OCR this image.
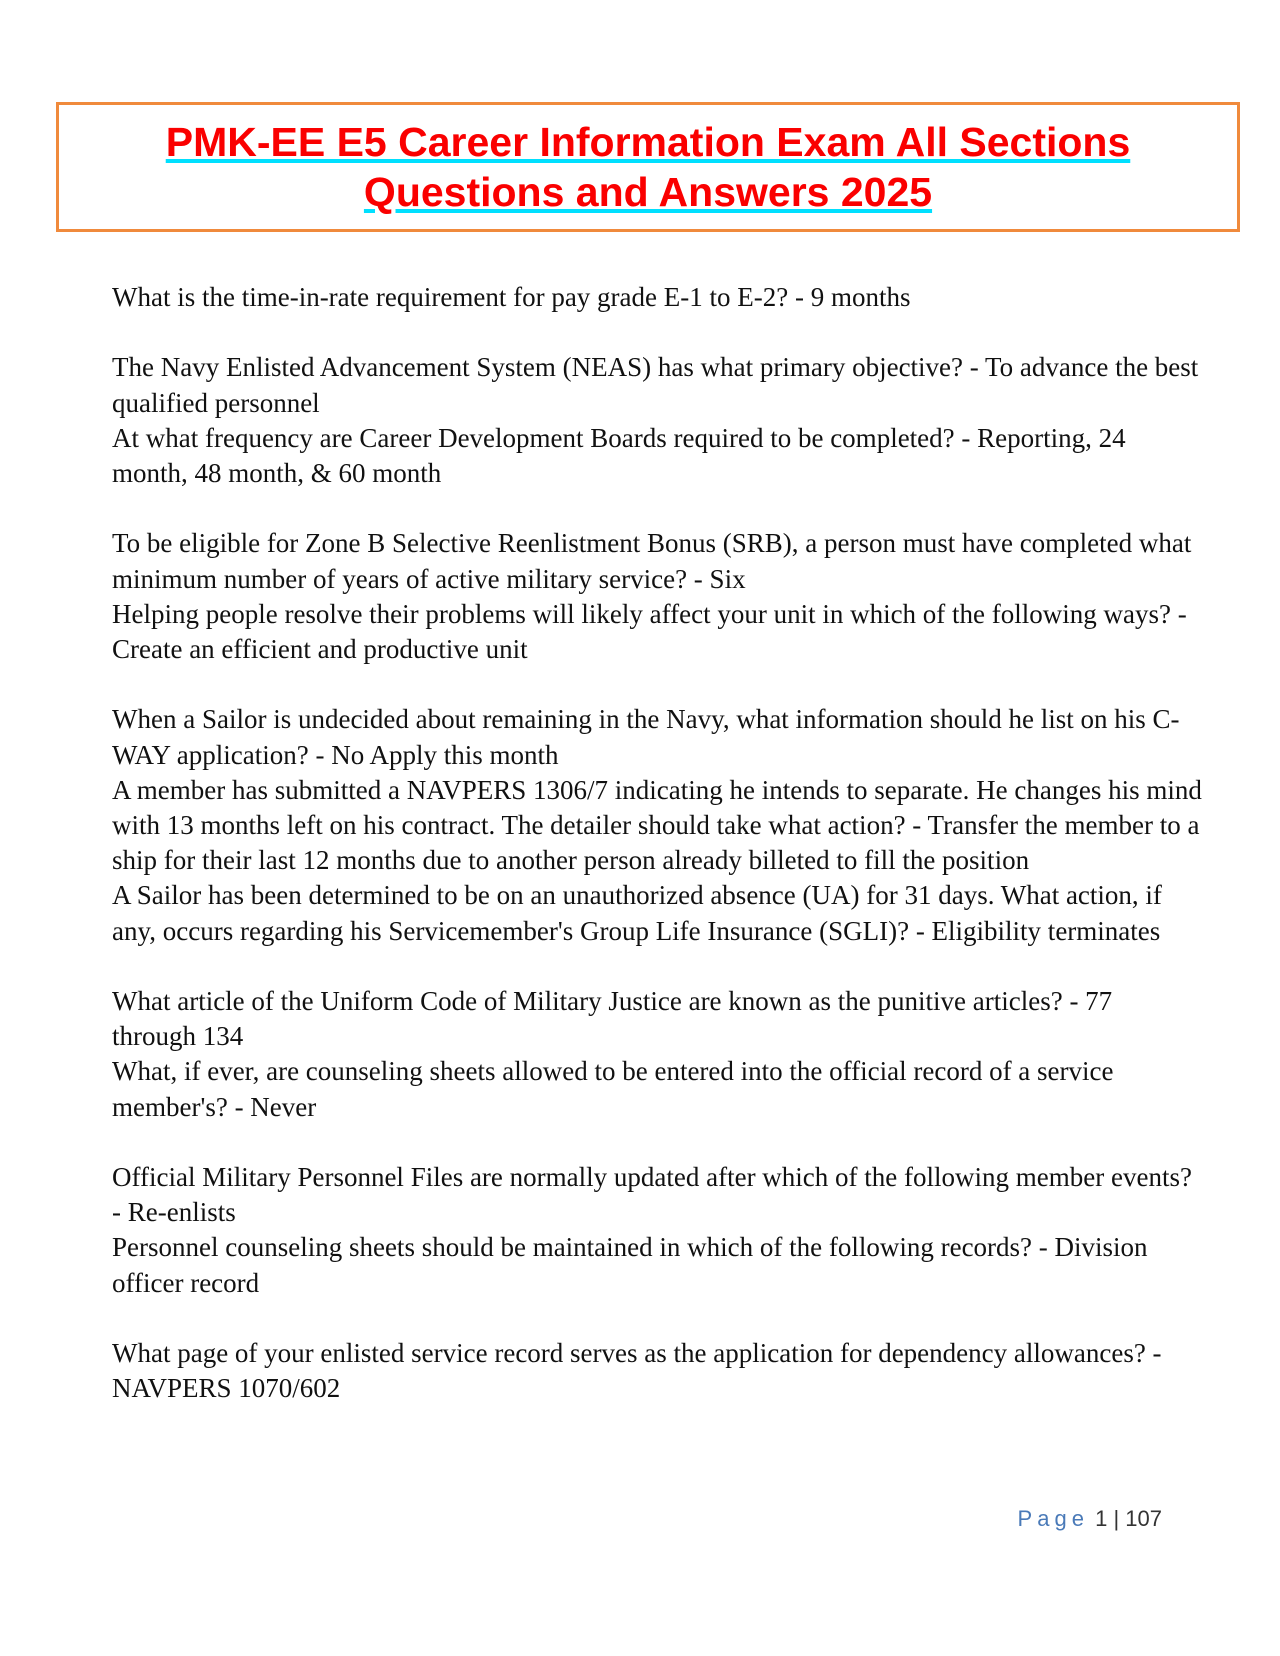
PMK-EE E5 Career Information Exam All Sections
Questions and Answers 2025

What is the time-in-rate requirement for pay grade E-1 to E-2? - 9 months

The Navy Enlisted Advancement System (NEAS) has what primary objective? - To advance the best qualified personnel

At what frequency are Career Development Boards required to be completed? - Reporting, 24 month, 48 month, & 60 month

To be eligible for Zone B Selective Reenlistment Bonus (SRB), a person must have completed what minimum number of years of active military service? - Six

Helping people resolve their problems will likely affect your unit in which of the following ways? - Create an efficient and productive unit

When a Sailor is undecided about remaining in the Navy, what information should he list on his C-WAY application? - No Apply this month

A member has submitted a NAVPERS 1306/7 indicating he intends to separate. He changes his mind with 13 months left on his contract. The detailer should take what action? - Transfer the member to a ship for their last 12 months due to another person already billeted to fill the position

A Sailor has been determined to be on an unauthorized absence (UA) for 31 days. What action, if any, occurs regarding his Servicemember's Group Life Insurance (SGLI)? - Eligibility terminates

What article of the Uniform Code of Military Justice are known as the punitive articles? - 77 through 134

What, if ever, are counseling sheets allowed to be entered into the official record of a service member's? - Never

Official Military Personnel Files are normally updated after which of the following member events? - Re-enlists

Personnel counseling sheets should be maintained in which of the following records? - Division officer record

What page of your enlisted service record serves as the application for dependency allowances? - NAVPERS 1070/602

Page 1 | 107
